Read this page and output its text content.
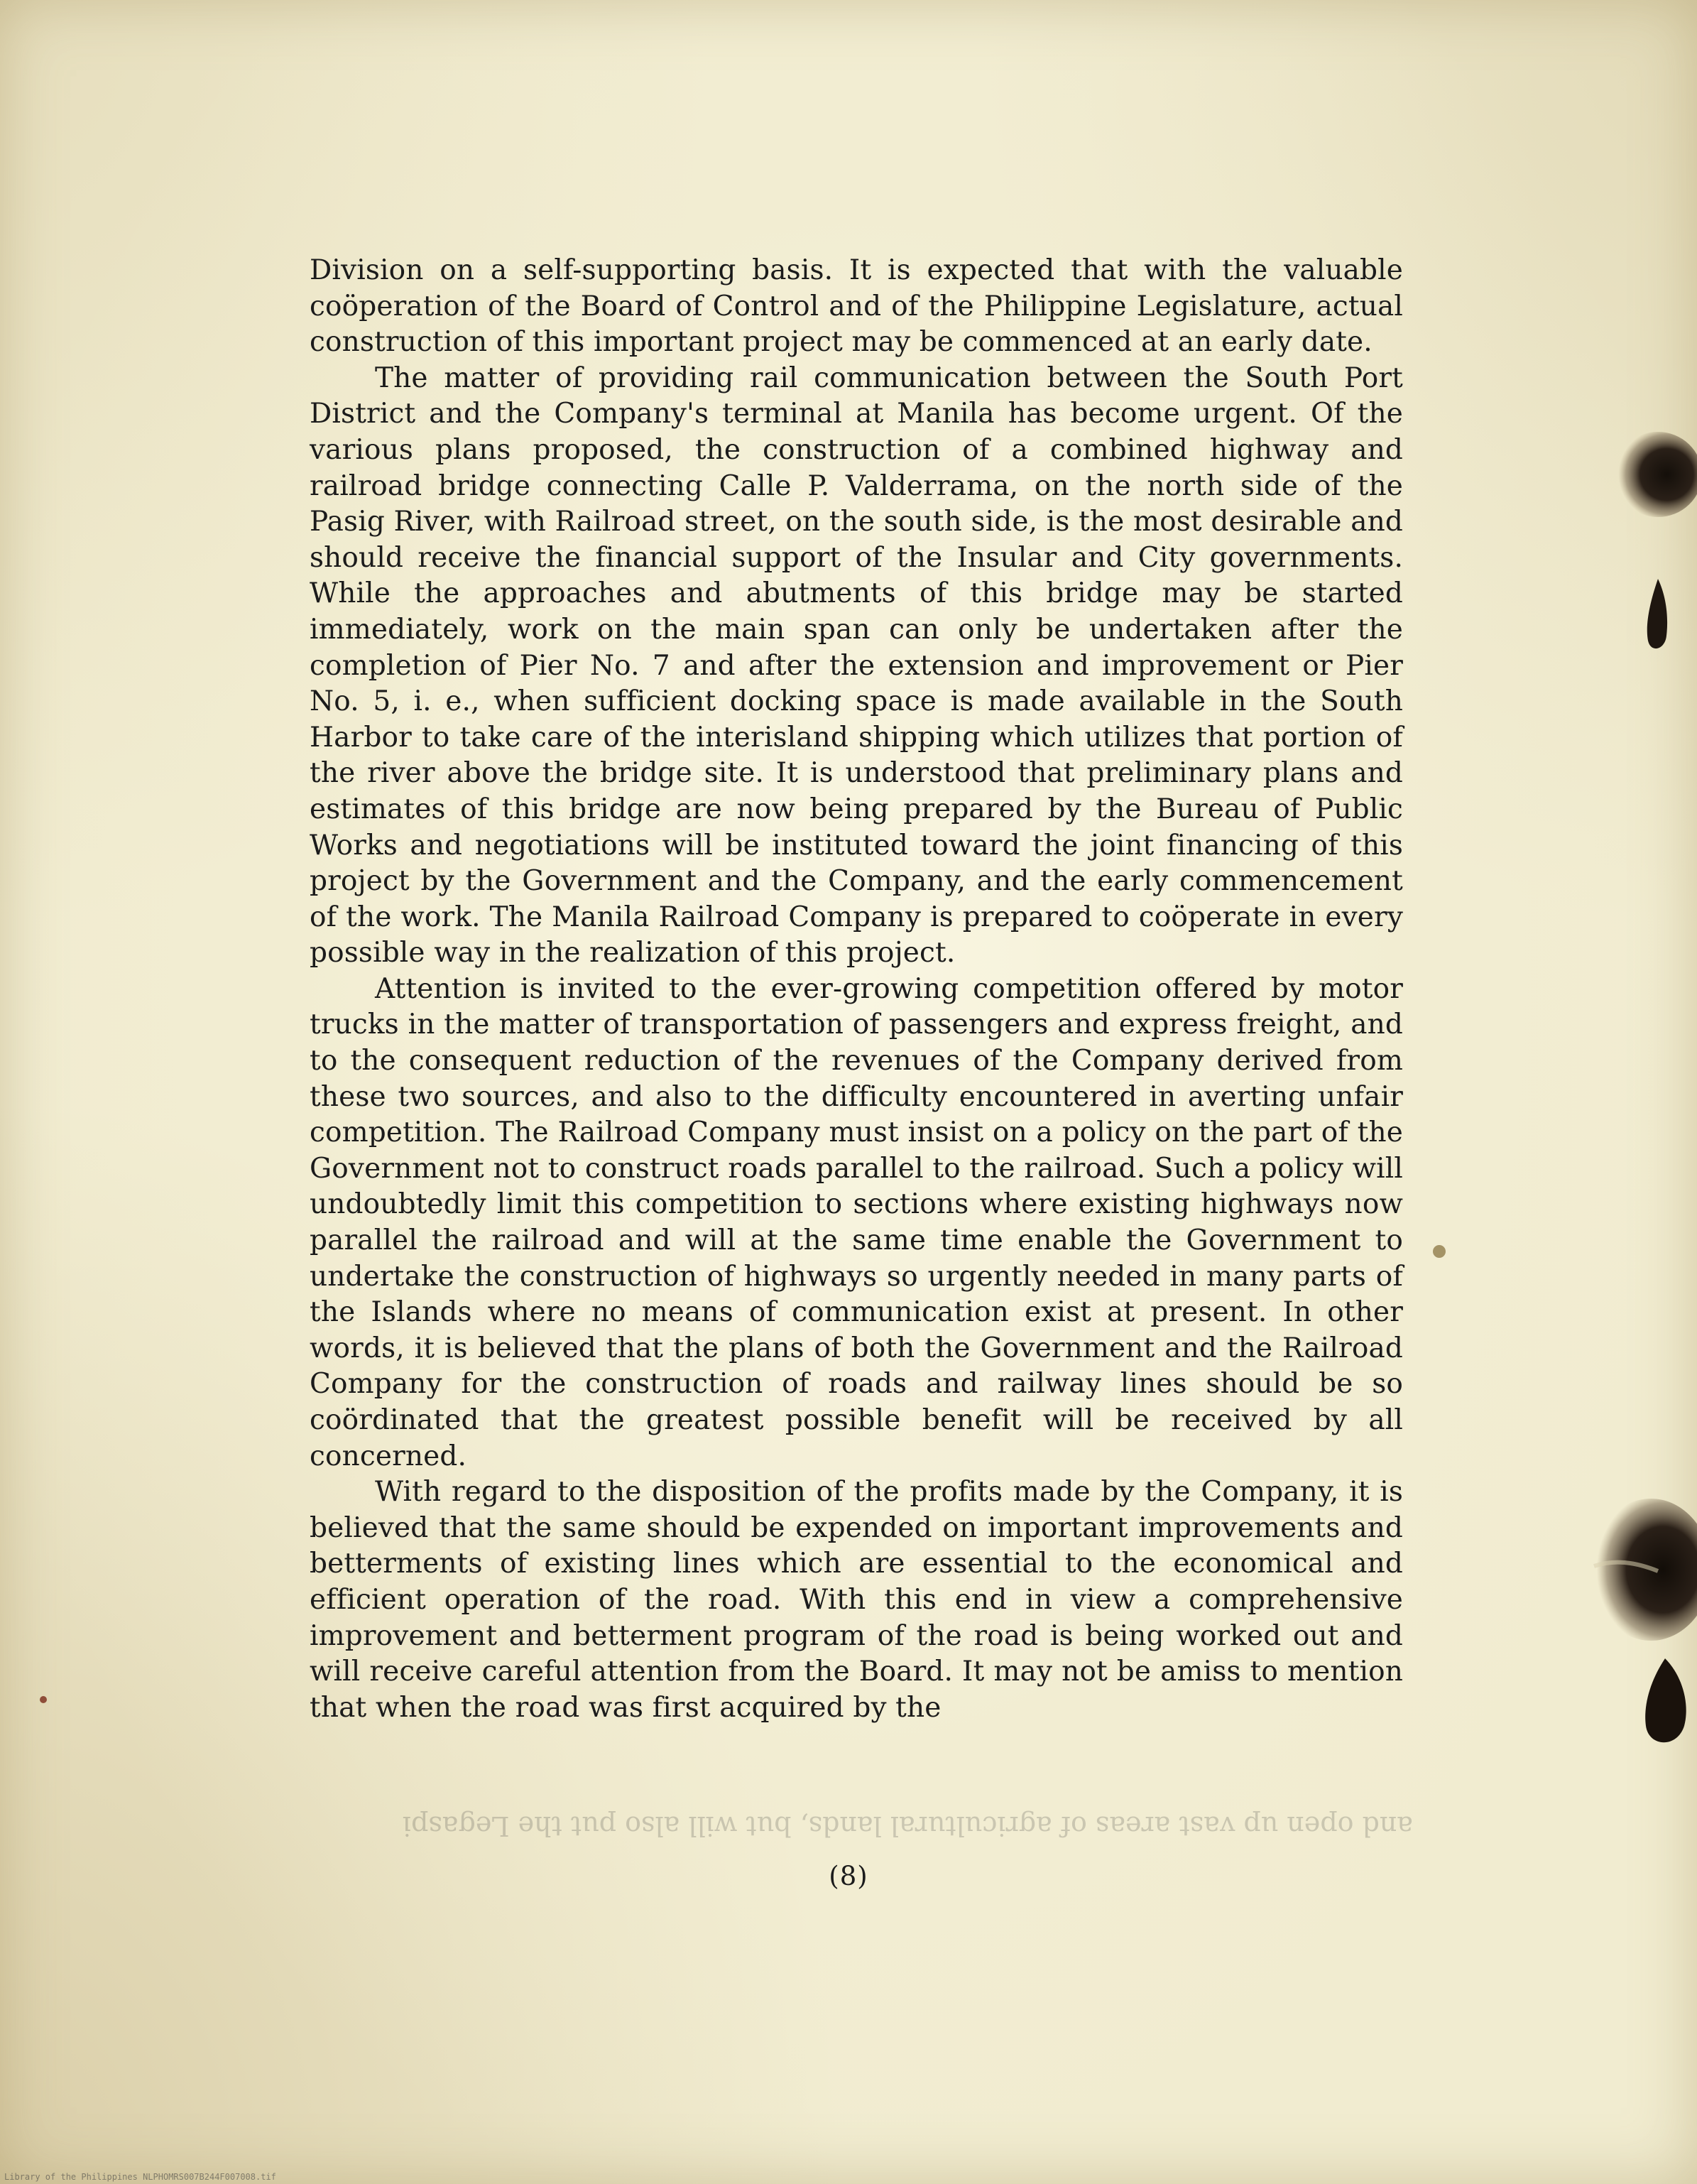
Division on a self-supporting basis. It is expected that with the valuable coöperation of the Board of Control and of the Philippine Legislature, actual construction of this important project may be commenced at an early date.

The matter of providing rail communication between the South Port District and the Company's terminal at Manila has become urgent. Of the various plans proposed, the construction of a combined highway and railroad bridge connecting Calle P. Valderrama, on the north side of the Pasig River, with Railroad street, on the south side, is the most desirable and should receive the financial support of the Insular and City governments. While the approaches and abutments of this bridge may be started immediately, work on the main span can only be undertaken after the completion of Pier No. 7 and after the extension and improvement or Pier No. 5, i. e., when sufficient docking space is made available in the South Harbor to take care of the interisland shipping which utilizes that portion of the river above the bridge site. It is understood that preliminary plans and estimates of this bridge are now being prepared by the Bureau of Public Works and negotiations will be instituted toward the joint financing of this project by the Government and the Company, and the early commencement of the work. The Manila Railroad Company is prepared to coöperate in every possible way in the realization of this project.

Attention is invited to the ever-growing competition offered by motor trucks in the matter of transportation of passengers and express freight, and to the consequent reduction of the revenues of the Company derived from these two sources, and also to the difficulty encountered in averting unfair competition. The Railroad Company must insist on a policy on the part of the Government not to construct roads parallel to the railroad. Such a policy will undoubtedly limit this competition to sections where existing highways now parallel the railroad and will at the same time enable the Government to undertake the construction of highways so urgently needed in many parts of the Islands where no means of communication exist at present. In other words, it is believed that the plans of both the Government and the Railroad Company for the construction of roads and railway lines should be so coördinated that the greatest possible benefit will be received by all concerned.

With regard to the disposition of the profits made by the Company, it is believed that the same should be expended on important improvements and betterments of existing lines which are essential to the economical and efficient operation of the road. With this end in view a comprehensive improvement and betterment program of the road is being worked out and will receive careful attention from the Board. It may not be amiss to mention that when the road was first acquired by the

and open up vast areas of agricultural lands, but will also put the Legaspi
(8)
Library of the Philippines NLPHOMRS007B244F007008.tif
